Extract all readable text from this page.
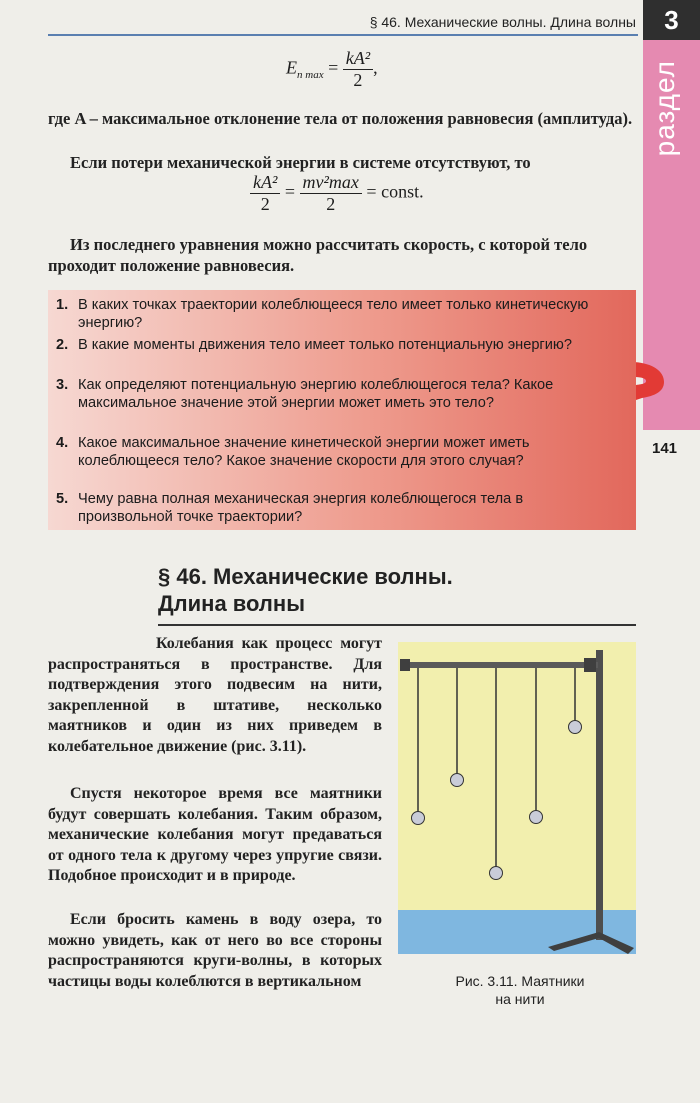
§ 46. Механические волны. Длина волны	3
раздел
141
$E_{п max} = \frac{\text{kA²}}{2}$ ,
где A – максимальное отклонение тела от положения равновесия (амплитуда).
Если потери механической энергии в системе отсутствуют, то
$\frac{\text{kA²}}{2} = \frac{\text{mv²max}}{2}$ = const.
Из последнего уравнения можно рассчитать скорость, с которой тело проходит положение равновесия.
1. В каких точках траектории колеблющееся тело имеет только кинетическую энергию?
2. В какие моменты движения тело имеет только потенциальную энергию?
3. Как определяют потенциальную энергию колеблющегося тела? Какое максимальное значение этой энергии может иметь это тело?
4. Какое максимальное значение кинетической энергии может иметь колеблющееся тело? Какое значение скорости для этого случая?
5. Чему равна полная механическая энергия колеблющегося тела в произвольной точке траектории?
§ 46. Механические волны.
Длина волны
Колебания как процесс могут распространяться в пространстве. Для подтверждения этого подвесим на нити, закрепленной в штативе, несколько маятников и один из них приведем в колебательное движение (рис. 3.11).
Спустя некоторое время все маятники будут совершать колебания. Таким образом, механические колебания могут предаваться от одного тела к другому через упругие связи. Подобное происходит и в природе.
Если бросить камень в воду озера, то можно увидеть, как от него во все стороны распространяются круги-волны, в которых частицы воды колеблются в вертикальном	Рис. 3.11. Маятники
на нити
